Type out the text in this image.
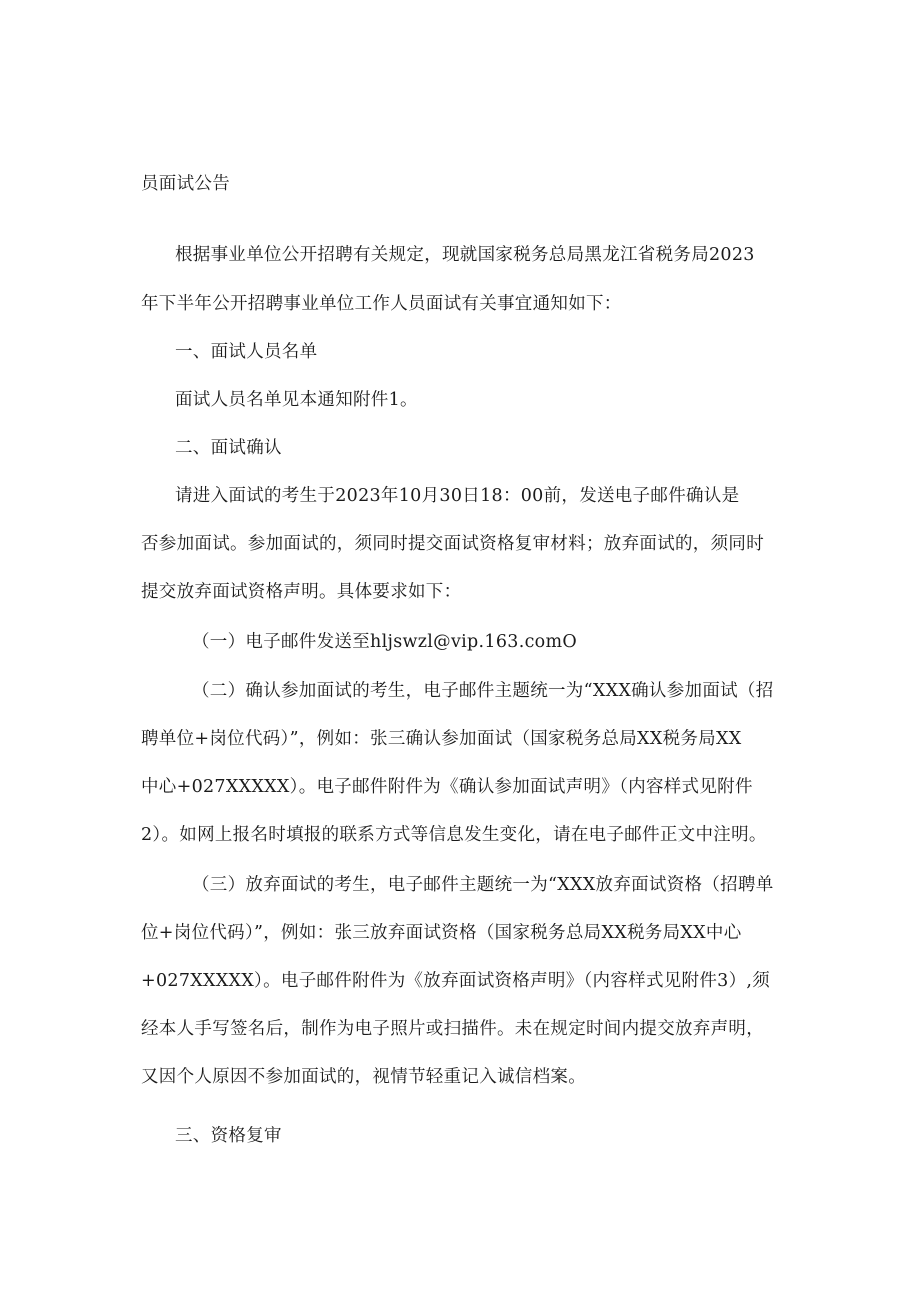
员面试公告
根据事业单位公开招聘有关规定，现就国家税务总局黑龙江省税务局2023
年下半年公开招聘事业单位工作人员面试有关事宜通知如下：
一、面试人员名单
面试人员名单见本通知附件1。
二、面试确认
请进入面试的考生于2023年10月30日18：00前，发送电子邮件确认是
否参加面试。参加面试的，须同时提交面试资格复审材料；放弃面试的，须同时
提交放弃面试资格声明。具体要求如下：
（一）电子邮件发送至hljswzl@vip.163.comO
（二）确认参加面试的考生，电子邮件主题统一为“XXX确认参加面试（招
聘单位+岗位代码）”，例如：张三确认参加面试（国家税务总局XX税务局XX
中心+027XXXXX）。电子邮件附件为《确认参加面试声明》（内容样式见附件
2）。如网上报名时填报的联系方式等信息发生变化，请在电子邮件正文中注明。
（三）放弃面试的考生，电子邮件主题统一为“XXX放弃面试资格（招聘单
位+岗位代码）”，例如：张三放弃面试资格（国家税务总局XX税务局XX中心
+027XXXXX）。电子邮件附件为《放弃面试资格声明》（内容样式见附件3）,须
经本人手写签名后，制作为电子照片或扫描件。未在规定时间内提交放弃声明，
又因个人原因不参加面试的，视情节轻重记入诚信档案。
三、资格复审
